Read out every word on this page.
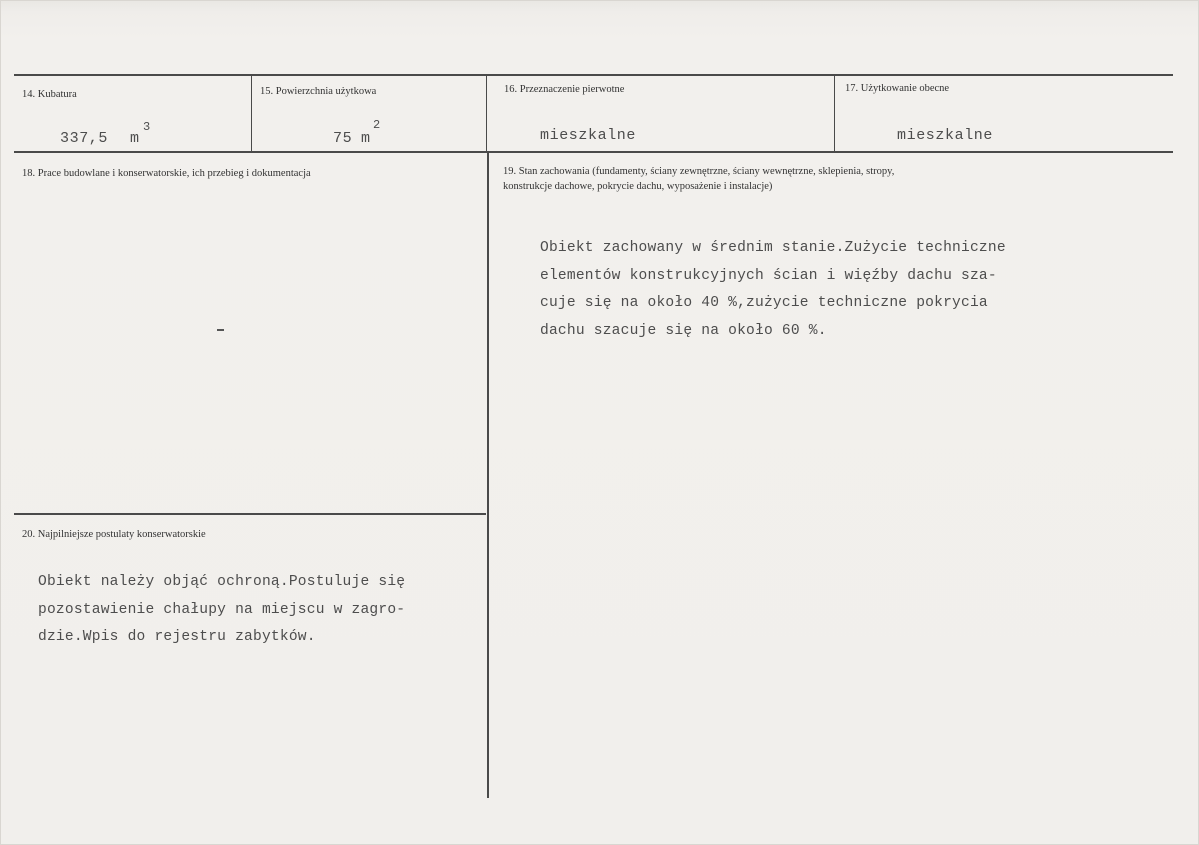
14. Kubatura
337,5 m
3
15. Powierzchnia użytkowa
75 m
2
16. Przeznaczenie pierwotne
mieszkalne
17. Użytkowanie obecne
mieszkalne
18. Prace budowlane i konserwatorskie, ich przebieg i dokumentacja	19. Stan zachowania (fundamenty, ściany zewnętrzne, ściany wewnętrzne, sklepienia, stropy,
konstrukcje dachowe, pokrycie dachu, wyposażenie i instalacje)
Obiekt zachowany w średnim stanie.Zużycie techniczne
elementów konstrukcyjnych ścian i więźby dachu sza-
cuje się na około 40 %,zużycie techniczne pokrycia
dachu szacuje się na około 60 %.
20. Najpilniejsze postulaty konserwatorskie
Obiekt należy objąć ochroną.Postuluje się
pozostawienie chałupy na miejscu w zagro-
dzie.Wpis do rejestru zabytków.
